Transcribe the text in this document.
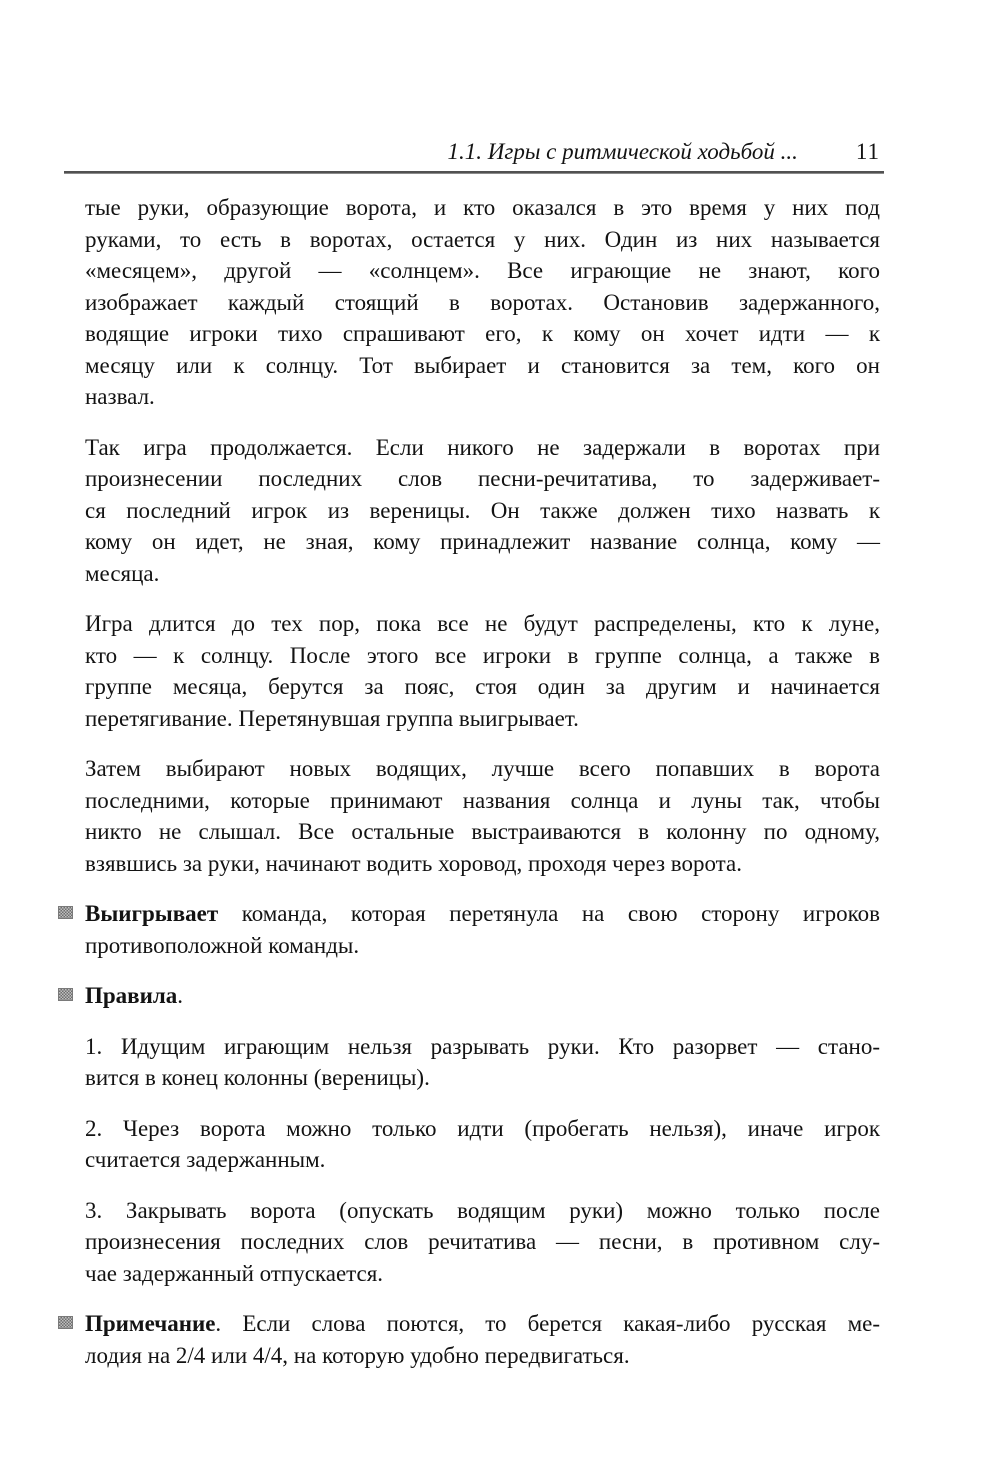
1.1. Игры с ритмической ходьбой ...	11
тые руки, образующие ворота, и кто оказался в это время у них под
руками, то есть в воротах, остается у них. Один из них называется
«месяцем», другой — «солнцем». Все играющие не знают, кого
изображает каждый стоящий в воротах. Остановив задержанного,
водящие игроки тихо спрашивают его, к кому он хочет идти — к
месяцу или к солнцу. Тот выбирает и становится за тем, кого он
назвал.
Так игра продолжается. Если никого не задержали в воротах при
произнесении последних слов песни-речитатива, то задерживает-
ся последний игрок из вереницы. Он также должен тихо назвать к
кому он идет, не зная, кому принадлежит название солнца, кому —
месяца.
Игра длится до тех пор, пока все не будут распределены, кто к луне,
кто — к солнцу. После этого все игроки в группе солнца, а также в
группе месяца, берутся за пояс, стоя один за другим и начинается
перетягивание. Перетянувшая группа выигрывает.
Затем выбирают новых водящих, лучше всего попавших в ворота
последними, которые принимают названия солнца и луны так, чтобы
никто не слышал. Все остальные выстраиваются в колонну по одному,
взявшись за руки, начинают водить хоровод, проходя через ворота.
Выигрывает команда, которая перетянула на свою сторону игроков
противоположной команды.
Правила.
1. Идущим играющим нельзя разрывать руки. Кто разорвет — стано-
вится в конец колонны (вереницы).
2. Через ворота можно только идти (пробегать нельзя), иначе игрок
считается задержанным.
3. Закрывать ворота (опускать водящим руки) можно только после
произнесения последних слов речитатива — песни, в противном слу-
чае задержанный отпускается.
Примечание. Если слова поются, то берется какая-либо русская ме-
лодия на 2/4 или 4/4, на которую удобно передвигаться.
